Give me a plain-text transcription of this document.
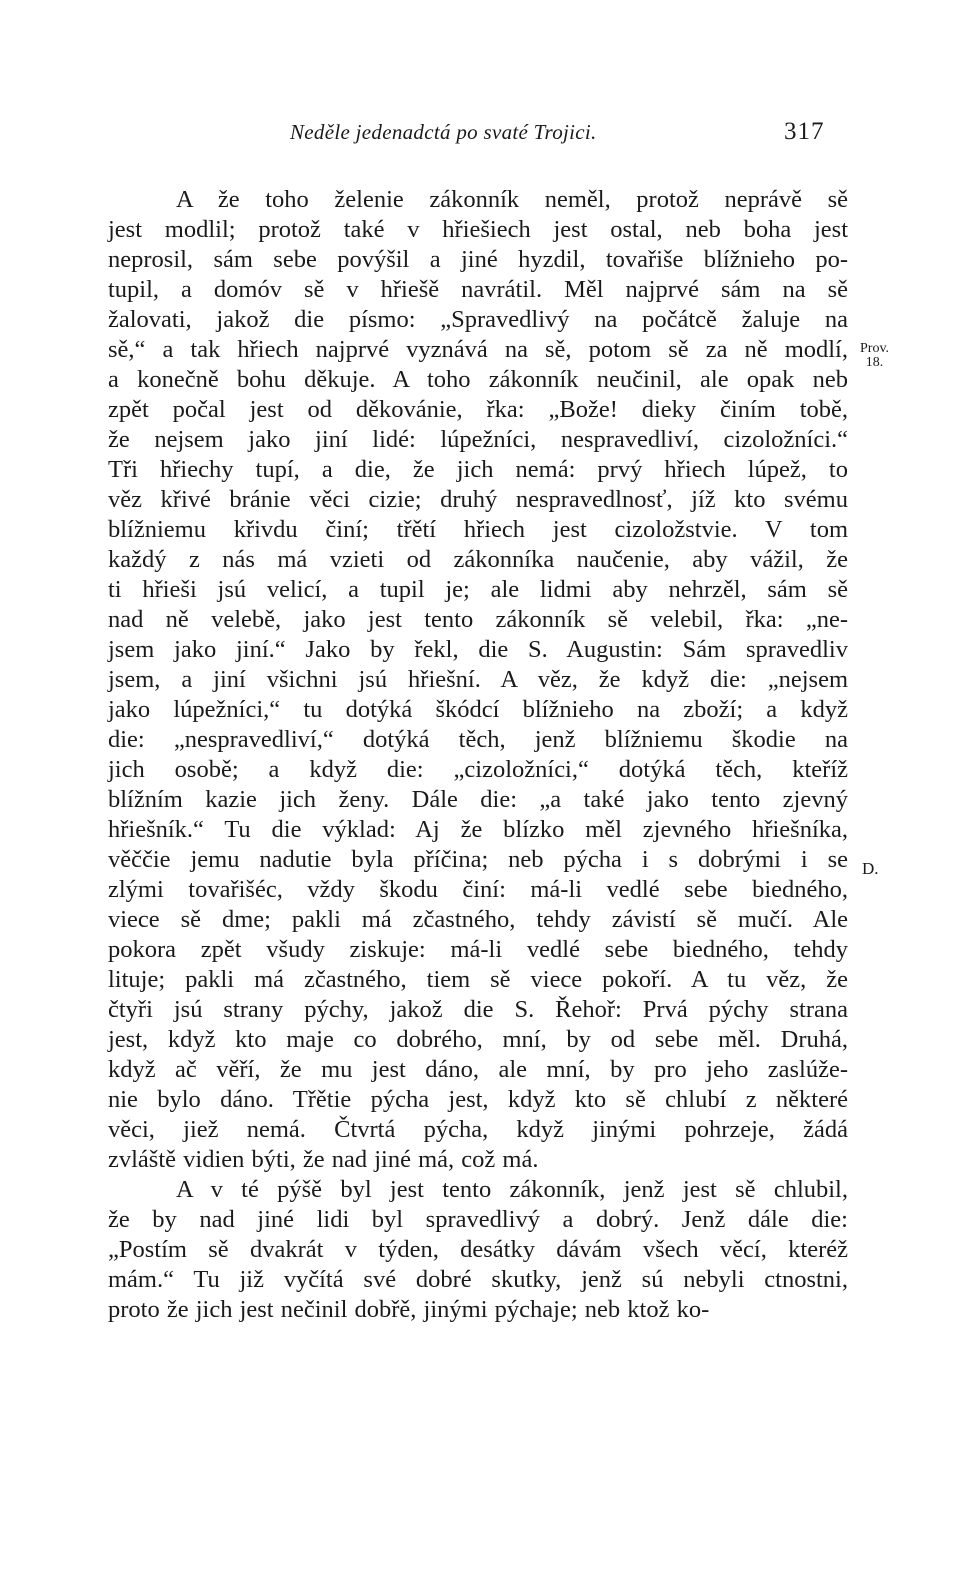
Neděle jedenadctá po svaté Trojici.	317
A že toho želenie zákonník neměl, protož neprávě sě
jest modlil; protož také v hřiešiech jest ostal, neb boha jest
neprosil, sám sebe povýšil a jiné hyzdil, tovařiše blížnieho po-
tupil, a domóv sě v hřiešě navrátil. Měl najprvé sám na sě
žalovati, jakož die písmo: „Spravedlivý na počátcě žaluje na
sě,“ a tak hřiech najprvé vyznává na sě, potom sě za ně modlí,
a konečně bohu děkuje. A toho zákonník neučinil, ale opak neb
zpět počal jest od děkovánie, řka: „Bože! dieky činím tobě,
že nejsem jako jiní lidé: lúpežníci, nespravedliví, cizoložníci.“
Tři hřiechy tupí, a die, že jich nemá: prvý hřiech lúpež, to
věz křivé bránie věci cizie; druhý nespravedlnosť, jíž kto svému
blížniemu křivdu činí; třětí hřiech jest cizoložstvie. V tom
každý z nás má vzieti od zákonníka naučenie, aby vážil, že
ti hřieši jsú velicí, a tupil je; ale lidmi aby nehrzěl, sám sě
nad ně velebě, jako jest tento zákonník sě velebil, řka: „ne-
jsem jako jiní.“ Jako by řekl, die S. Augustin: Sám spravedliv
jsem, a jiní všichni jsú hřiešní. A věz, že když die: „nejsem
jako lúpežníci,“ tu dotýká škódcí blížnieho na zboží; a když
die: „nespravedliví,“ dotýká těch, jenž blížniemu škodie na
jich osobě; a když die: „cizoložníci,“ dotýká těch, kteříž
blížním kazie jich ženy. Dále die: „a také jako tento zjevný
hřiešník.“ Tu die výklad: Aj že blízko měl zjevného hřiešníka,
věččie jemu nadutie byla příčina; neb pýcha i s dobrými i se
zlými tovařišéc, vždy škodu činí: má-li vedlé sebe biedného,
viece sě dme; pakli má zčastného, tehdy závistí sě mučí. Ale
pokora zpět všudy ziskuje: má-li vedlé sebe biedného, tehdy
lituje; pakli má zčastného, tiem sě viece pokoří. A tu věz, že
čtyři jsú strany pýchy, jakož die S. Řehoř: Prvá pýchy strana
jest, když kto maje co dobrého, mní, by od sebe měl. Druhá,
když ač věří, že mu jest dáno, ale mní, by pro jeho zaslúže-
nie bylo dáno. Třětie pýcha jest, když kto sě chlubí z některé
věci, jiež nemá. Čtvrtá pýcha, když jinými pohrzeje, žádá
zvláště vidien býti, že nad jiné má, což má.
A v té pýšě byl jest tento zákonník, jenž jest sě chlubil,
že by nad jiné lidi byl spravedlivý a dobrý. Jenž dále die:
„Postím sě dvakrát v týden, desátky dávám všech věcí, kteréž
mám.“ Tu již vyčítá své dobré skutky, jenž sú nebyli ctnostni,
proto že jich jest nečinil dobřě, jinými pýchaje; neb ktož ko-
Prov.
18.
D.
